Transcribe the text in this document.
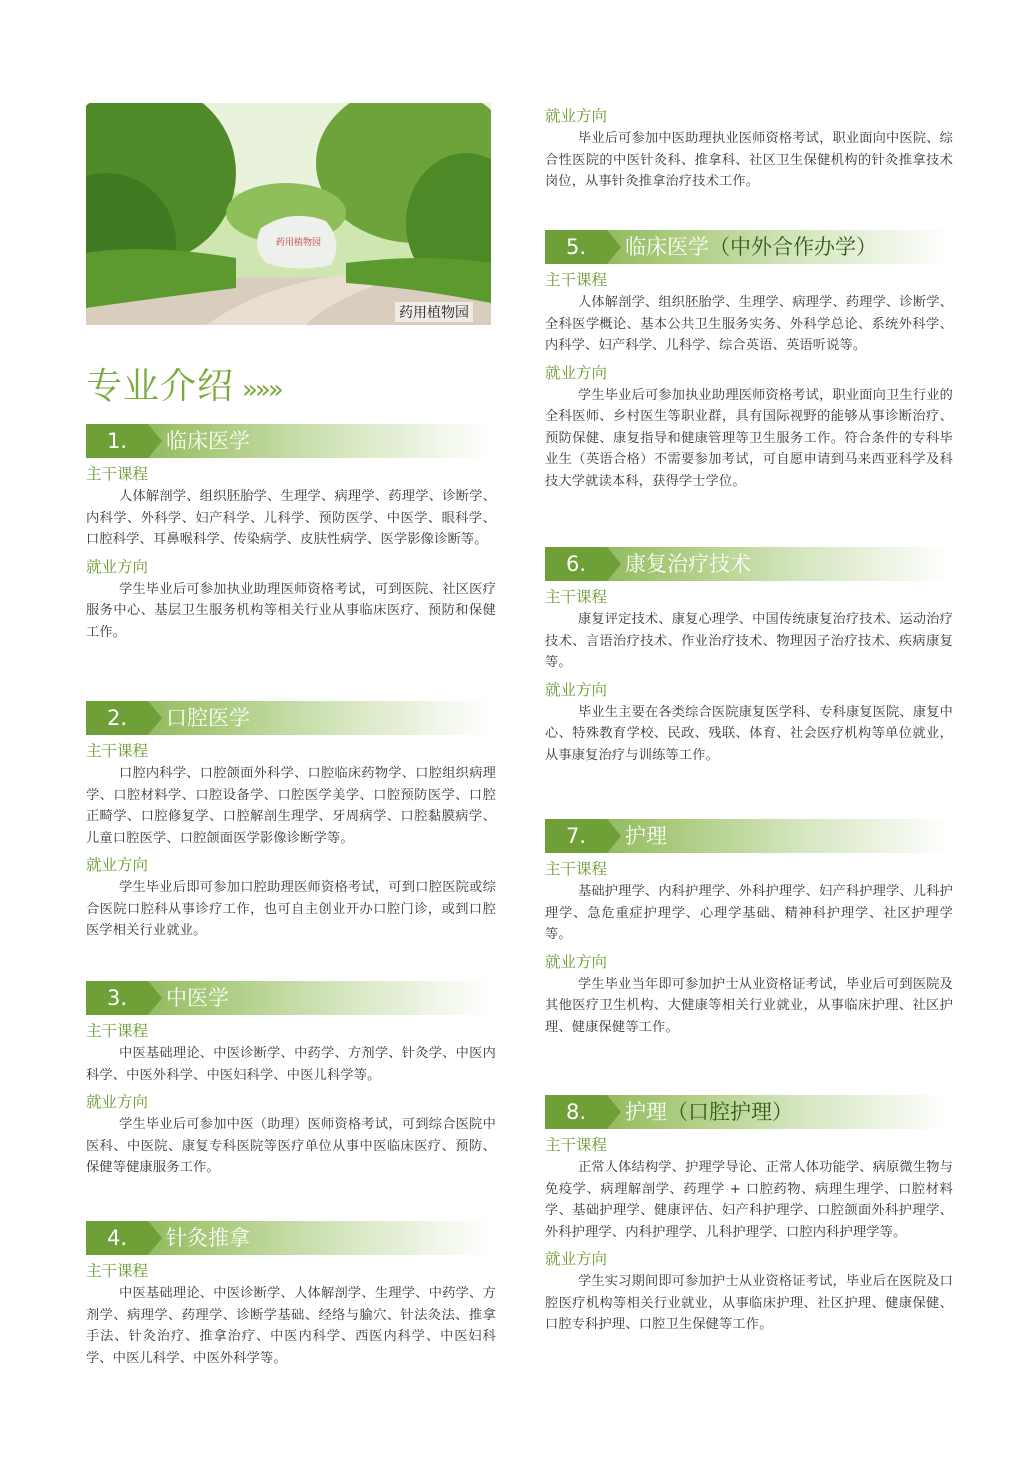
药用植物园
药用植物园
专业介绍 »»»
1.	临床医学
主干课程

人体解剖学、组织胚胎学、生理学、病理学、药理学、诊断学、内科学、外科学、妇产科学、儿科学、预防医学、中医学、眼科学、口腔科学、耳鼻喉科学、传染病学、皮肤性病学、医学影像诊断等。

就业方向

学生毕业后可参加执业助理医师资格考试，可到医院、社区医疗服务中心、基层卫生服务机构等相关行业从事临床医疗、预防和保健工作。

2.	口腔医学
主干课程

口腔内科学、口腔颌面外科学、口腔临床药物学、口腔组织病理学、口腔材料学、口腔设备学、口腔医学美学、口腔预防医学、口腔正畸学、口腔修复学、口腔解剖生理学、牙周病学、口腔黏膜病学、儿童口腔医学、口腔颌面医学影像诊断学等。

就业方向

学生毕业后即可参加口腔助理医师资格考试，可到口腔医院或综合医院口腔科从事诊疗工作，也可自主创业开办口腔门诊，或到口腔医学相关行业就业。

3.	中医学
主干课程

中医基础理论、中医诊断学、中药学、方剂学、针灸学、中医内科学、中医外科学、中医妇科学、中医儿科学等。

就业方向

学生毕业后可参加中医（助理）医师资格考试，可到综合医院中医科、中医院、康复专科医院等医疗单位从事中医临床医疗、预防、保健等健康服务工作。

4.	针灸推拿
主干课程

中医基础理论、中医诊断学、人体解剖学、生理学、中药学、方剂学、病理学、药理学、诊断学基础、经络与腧穴、针法灸法、推拿手法、针灸治疗、推拿治疗、中医内科学、西医内科学、中医妇科学、中医儿科学、中医外科学等。

就业方向

毕业后可参加中医助理执业医师资格考试，职业面向中医院、综合性医院的中医针灸科、推拿科、社区卫生保健机构的针灸推拿技术岗位，从事针灸推拿治疗技术工作。

5.	临床医学（中外合作办学）
主干课程

人体解剖学、组织胚胎学、生理学、病理学、药理学、诊断学、全科医学概论、基本公共卫生服务实务、外科学总论、系统外科学、内科学、妇产科学、儿科学、综合英语、英语听说等。

就业方向

学生毕业后可参加执业助理医师资格考试，职业面向卫生行业的全科医师、乡村医生等职业群，具有国际视野的能够从事诊断治疗、预防保健、康复指导和健康管理等卫生服务工作。符合条件的专科毕业生（英语合格）不需要参加考试，可自愿申请到马来西亚科学及科技大学就读本科，获得学士学位。

6.	康复治疗技术
主干课程

康复评定技术、康复心理学、中国传统康复治疗技术、运动治疗技术、言语治疗技术、作业治疗技术、物理因子治疗技术、疾病康复等。

就业方向

毕业生主要在各类综合医院康复医学科、专科康复医院、康复中心、特殊教育学校、民政、残联、体育、社会医疗机构等单位就业，从事康复治疗与训练等工作。

7.	护理
主干课程

基础护理学、内科护理学、外科护理学、妇产科护理学、儿科护理学、急危重症护理学、心理学基础、精神科护理学、社区护理学等。

就业方向

学生毕业当年即可参加护士从业资格证考试，毕业后可到医院及其他医疗卫生机构、大健康等相关行业就业，从事临床护理、社区护理、健康保健等工作。

8.	护理（口腔护理）
主干课程

正常人体结构学、护理学导论、正常人体功能学、病原微生物与免疫学、病理解剖学、药理学 + 口腔药物、病理生理学、口腔材料学、基础护理学、健康评估、妇产科护理学、口腔颌面外科护理学、外科护理学、内科护理学、儿科护理学、口腔内科护理学等。

就业方向

学生实习期间即可参加护士从业资格证考试，毕业后在医院及口腔医疗机构等相关行业就业，从事临床护理、社区护理、健康保健、口腔专科护理、口腔卫生保健等工作。
